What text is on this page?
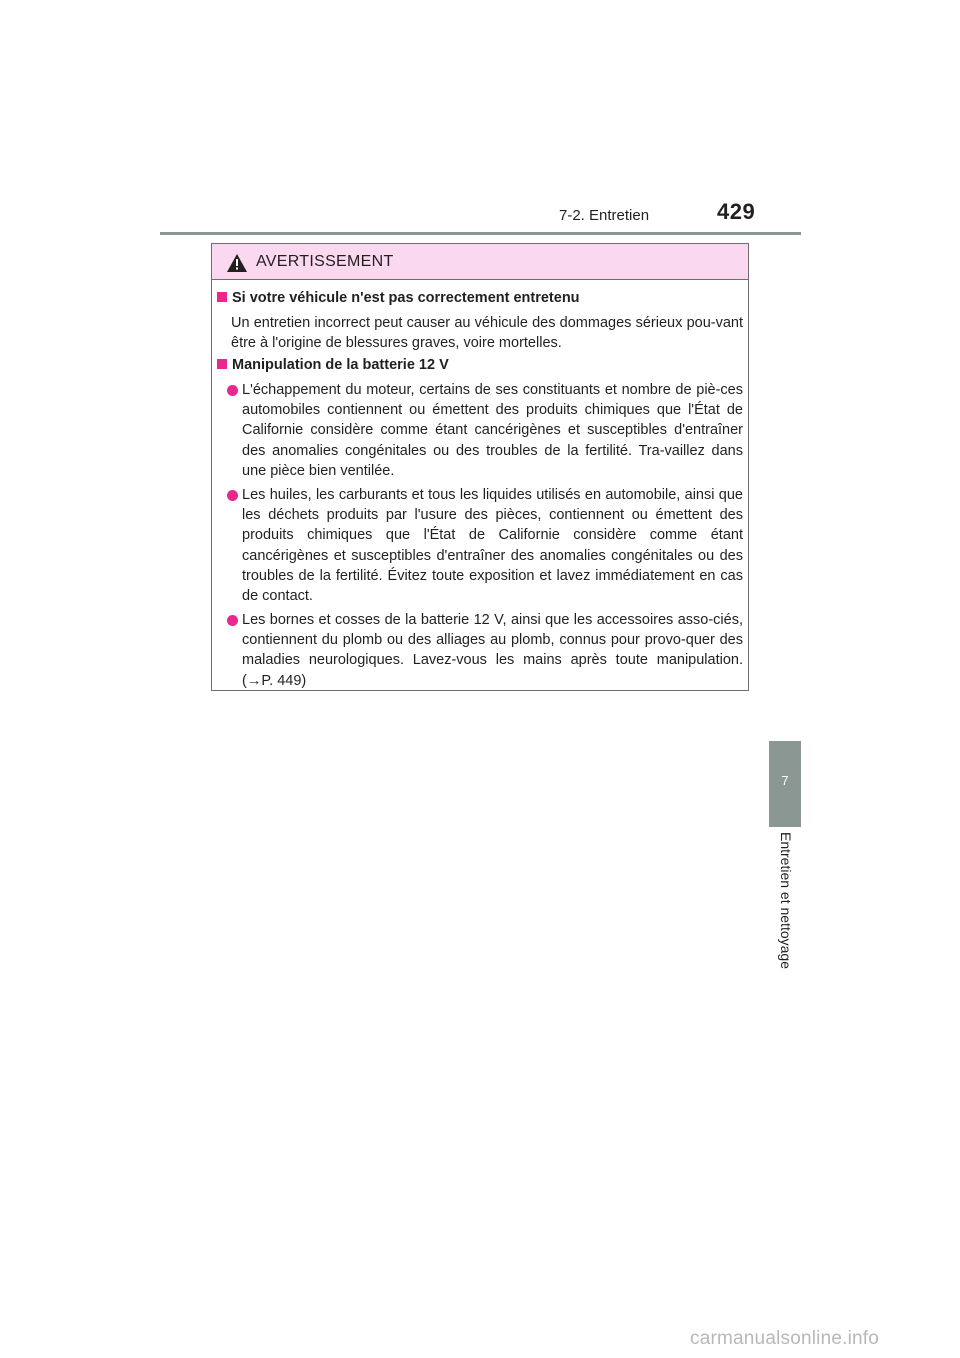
7-2. Entretien	429
7
Entretien et nettoyage
AVERTISSEMENT
Si votre véhicule n'est pas correctement entretenu
Un entretien incorrect peut causer au véhicule des dommages sérieux pou-vant être à l'origine de blessures graves, voire mortelles.
Manipulation de la batterie 12 V
L'échappement du moteur, certains de ses constituants et nombre de piè-ces automobiles contiennent ou émettent des produits chimiques que l'État de Californie considère comme étant cancérigènes et susceptibles d'entraîner des anomalies congénitales ou des troubles de la fertilité. Tra-vaillez dans une pièce bien ventilée.
Les huiles, les carburants et tous les liquides utilisés en automobile, ainsi que les déchets produits par l'usure des pièces, contiennent ou émettent des produits chimiques que l'État de Californie considère comme étant cancérigènes et susceptibles d'entraîner des anomalies congénitales ou des troubles de la fertilité. Évitez toute exposition et lavez immédiatement en cas de contact.
Les bornes et cosses de la batterie 12 V, ainsi que les accessoires asso-ciés, contiennent du plomb ou des alliages au plomb, connus pour provo-quer des maladies neurologiques. Lavez-vous les mains après toute manipulation. (→P. 449)
carmanualsonline.info
